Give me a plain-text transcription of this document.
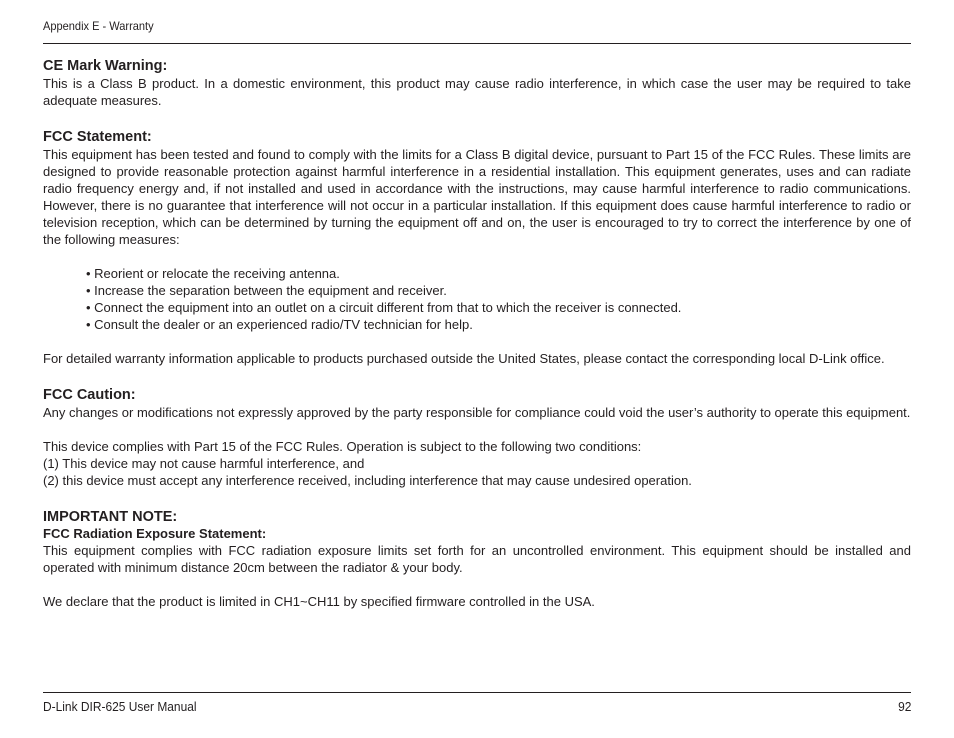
Appendix E - Warranty
CE Mark Warning:

This is a Class B product. In a domestic environment, this product may cause radio interference, in which case the user may be required to take adequate measures.

FCC Statement:

This equipment has been tested and found to comply with the limits for a Class B digital device, pursuant to Part 15 of the FCC Rules. These limits are designed to provide reasonable protection against harmful interference in a residential installation. This equipment generates, uses and can radiate radio frequency energy and, if not installed and used in accordance with the instructions, may cause harmful interference to radio communications. However, there is no guarantee that interference will not occur in a particular installation. If this equipment does cause harmful interference to radio or television reception, which can be determined by turning the equipment off and on, the user is encouraged to try to correct the interference by one of the following measures:

• Reorient or relocate the receiving antenna.
• Increase the separation between the equipment and receiver.
• Connect the equipment into an outlet on a circuit different from that to which the receiver is connected.
• Consult the dealer or an experienced radio/TV technician for help.

For detailed warranty information applicable to products purchased outside the United States, please contact the corresponding local D-Link office.

FCC Caution:

Any changes or modifications not expressly approved by the party responsible for compliance could void the user’s authority to operate this equipment.

This device complies with Part 15 of the FCC Rules. Operation is subject to the following two conditions:

(1) This device may not cause harmful interference, and

(2) this device must accept any interference received, including interference that may cause undesired operation.

IMPORTANT NOTE:
FCC Radiation Exposure Statement:

This equipment complies with FCC radiation exposure limits set forth for an uncontrolled environment. This equipment should be installed and operated with minimum distance 20cm between the radiator & your body.

We declare that the product is limited in CH1~CH11 by specified firmware controlled in the USA.

D-Link DIR-625 User Manual	92
